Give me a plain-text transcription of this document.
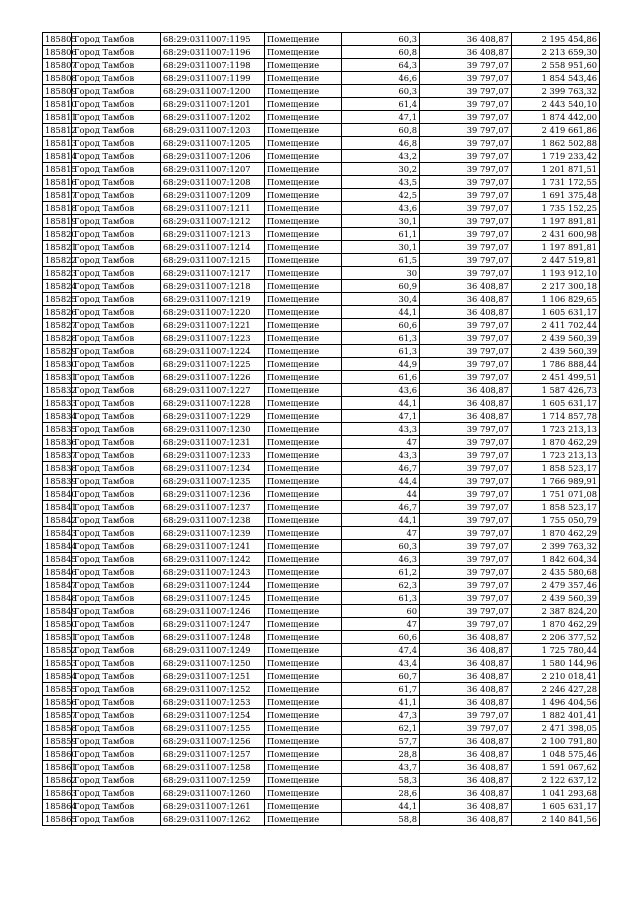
185805	Город Тамбов	68:29:0311007:1195	Помещение	60,3	36 408,87	2 195 454,86
185806	Город Тамбов	68:29:0311007:1196	Помещение	60,8	36 408,87	2 213 659,30
185807	Город Тамбов	68:29:0311007:1198	Помещение	64,3	39 797,07	2 558 951,60
185808	Город Тамбов	68:29:0311007:1199	Помещение	46,6	39 797,07	1 854 543,46
185809	Город Тамбов	68:29:0311007:1200	Помещение	60,3	39 797,07	2 399 763,32
185810	Город Тамбов	68:29:0311007:1201	Помещение	61,4	39 797,07	2 443 540,10
185811	Город Тамбов	68:29:0311007:1202	Помещение	47,1	39 797,07	1 874 442,00
185812	Город Тамбов	68:29:0311007:1203	Помещение	60,8	39 797,07	2 419 661,86
185813	Город Тамбов	68:29:0311007:1205	Помещение	46,8	39 797,07	1 862 502,88
185814	Город Тамбов	68:29:0311007:1206	Помещение	43,2	39 797,07	1 719 233,42
185815	Город Тамбов	68:29:0311007:1207	Помещение	30,2	39 797,07	1 201 871,51
185816	Город Тамбов	68:29:0311007:1208	Помещение	43,5	39 797,07	1 731 172,55
185817	Город Тамбов	68:29:0311007:1209	Помещение	42,5	39 797,07	1 691 375,48
185818	Город Тамбов	68:29:0311007:1211	Помещение	43,6	39 797,07	1 735 152,25
185819	Город Тамбов	68:29:0311007:1212	Помещение	30,1	39 797,07	1 197 891,81
185820	Город Тамбов	68:29:0311007:1213	Помещение	61,1	39 797,07	2 431 600,98
185821	Город Тамбов	68:29:0311007:1214	Помещение	30,1	39 797,07	1 197 891,81
185822	Город Тамбов	68:29:0311007:1215	Помещение	61,5	39 797,07	2 447 519,81
185823	Город Тамбов	68:29:0311007:1217	Помещение	30	39 797,07	1 193 912,10
185824	Город Тамбов	68:29:0311007:1218	Помещение	60,9	36 408,87	2 217 300,18
185825	Город Тамбов	68:29:0311007:1219	Помещение	30,4	36 408,87	1 106 829,65
185826	Город Тамбов	68:29:0311007:1220	Помещение	44,1	36 408,87	1 605 631,17
185827	Город Тамбов	68:29:0311007:1221	Помещение	60,6	39 797,07	2 411 702,44
185828	Город Тамбов	68:29:0311007:1223	Помещение	61,3	39 797,07	2 439 560,39
185829	Город Тамбов	68:29:0311007:1224	Помещение	61,3	39 797,07	2 439 560,39
185830	Город Тамбов	68:29:0311007:1225	Помещение	44,9	39 797,07	1 786 888,44
185831	Город Тамбов	68:29:0311007:1226	Помещение	61,6	39 797,07	2 451 499,51
185832	Город Тамбов	68:29:0311007:1227	Помещение	43,6	36 408,87	1 587 426,73
185833	Город Тамбов	68:29:0311007:1228	Помещение	44,1	36 408,87	1 605 631,17
185834	Город Тамбов	68:29:0311007:1229	Помещение	47,1	36 408,87	1 714 857,78
185835	Город Тамбов	68:29:0311007:1230	Помещение	43,3	39 797,07	1 723 213,13
185836	Город Тамбов	68:29:0311007:1231	Помещение	47	39 797,07	1 870 462,29
185837	Город Тамбов	68:29:0311007:1233	Помещение	43,3	39 797,07	1 723 213,13
185838	Город Тамбов	68:29:0311007:1234	Помещение	46,7	39 797,07	1 858 523,17
185839	Город Тамбов	68:29:0311007:1235	Помещение	44,4	39 797,07	1 766 989,91
185840	Город Тамбов	68:29:0311007:1236	Помещение	44	39 797,07	1 751 071,08
185841	Город Тамбов	68:29:0311007:1237	Помещение	46,7	39 797,07	1 858 523,17
185842	Город Тамбов	68:29:0311007:1238	Помещение	44,1	39 797,07	1 755 050,79
185843	Город Тамбов	68:29:0311007:1239	Помещение	47	39 797,07	1 870 462,29
185844	Город Тамбов	68:29:0311007:1241	Помещение	60,3	39 797,07	2 399 763,32
185845	Город Тамбов	68:29:0311007:1242	Помещение	46,3	39 797,07	1 842 604,34
185846	Город Тамбов	68:29:0311007:1243	Помещение	61,2	39 797,07	2 435 580,68
185847	Город Тамбов	68:29:0311007:1244	Помещение	62,3	39 797,07	2 479 357,46
185848	Город Тамбов	68:29:0311007:1245	Помещение	61,3	39 797,07	2 439 560,39
185849	Город Тамбов	68:29:0311007:1246	Помещение	60	39 797,07	2 387 824,20
185850	Город Тамбов	68:29:0311007:1247	Помещение	47	39 797,07	1 870 462,29
185851	Город Тамбов	68:29:0311007:1248	Помещение	60,6	36 408,87	2 206 377,52
185852	Город Тамбов	68:29:0311007:1249	Помещение	47,4	36 408,87	1 725 780,44
185853	Город Тамбов	68:29:0311007:1250	Помещение	43,4	36 408,87	1 580 144,96
185854	Город Тамбов	68:29:0311007:1251	Помещение	60,7	36 408,87	2 210 018,41
185855	Город Тамбов	68:29:0311007:1252	Помещение	61,7	36 408,87	2 246 427,28
185856	Город Тамбов	68:29:0311007:1253	Помещение	41,1	36 408,87	1 496 404,56
185857	Город Тамбов	68:29:0311007:1254	Помещение	47,3	39 797,07	1 882 401,41
185858	Город Тамбов	68:29:0311007:1255	Помещение	62,1	39 797,07	2 471 398,05
185859	Город Тамбов	68:29:0311007:1256	Помещение	57,7	36 408,87	2 100 791,80
185860	Город Тамбов	68:29:0311007:1257	Помещение	28,8	36 408,87	1 048 575,46
185861	Город Тамбов	68:29:0311007:1258	Помещение	43,7	36 408,87	1 591 067,62
185862	Город Тамбов	68:29:0311007:1259	Помещение	58,3	36 408,87	2 122 637,12
185863	Город Тамбов	68:29:0311007:1260	Помещение	28,6	36 408,87	1 041 293,68
185864	Город Тамбов	68:29:0311007:1261	Помещение	44,1	36 408,87	1 605 631,17
185865	Город Тамбов	68:29:0311007:1262	Помещение	58,8	36 408,87	2 140 841,56
